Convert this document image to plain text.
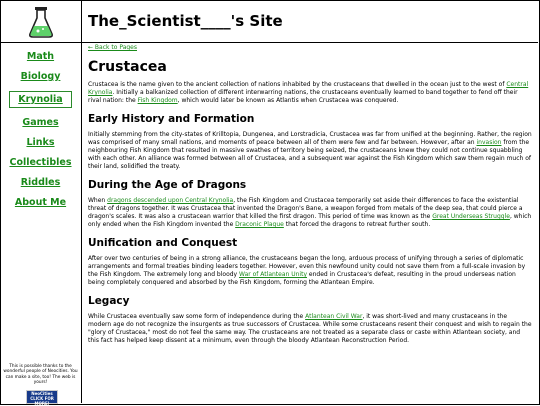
The_Scientist____'s Site
Math
Biology
Krynolia
Games
Links
Collectibles
Riddles
About Me
This is possible thanks to the wonderful people of Neocities. You can make a site, too! The web is yours!
NeoCities
CLICK FOR MORE!
← Back to Pages
Crustacea

Crustacea is the name given to the ancient collection of nations inhabited by the crustaceans that dwelled in the ocean just to the west of Central Krynolia. Initially a balkanized collection of different interwarring nations, the crustaceans eventually learned to band together to fend off their rival nation: the Fish Kingdom, which would later be known as Atlantis when Crustacea was conquered.

Early History and Formation

Initially stemming from the city-states of Krilltopia, Dungenea, and Lorstradicia, Crustacea was far from unified at the beginning. Rather, the region was comprised of many small nations, and moments of peace between all of them were few and far between. However, after an invasion from the neighbouring Fish Kingdom that resulted in massive swathes of territory being seized, the crustaceans knew they could not continue squabbling with each other. An alliance was formed between all of Crustacea, and a subsequent war against the Fish Kingdom which saw them regain much of their land, solidified the treaty.

During the Age of Dragons

When dragons descended upon Central Krynolia, the Fish Kingdom and Crustacea temporarily set aside their differences to face the existential threat of dragons together. It was Crustacea that invented the Dragon's Bane, a weapon forged from metals of the deep sea, that could pierce a dragon's scales. It was also a crustacean warrior that killed the first dragon. This period of time was known as the Great Underseas Struggle, which only ended when the Fish Kingdom invented the Draconic Plague that forced the dragons to retreat further south.

Unification and Conquest

After over two centuries of being in a strong alliance, the crustaceans began the long, arduous process of unifying through a series of diplomatic arrangements and formal treaties binding leaders together. However, even this newfound unity could not save them from a full-scale invasion by the Fish Kingdom. The extremely long and bloody War of Atlantean Unity ended in Crustacea's defeat, resulting in the proud underseas nation being completely conquered and absorbed by the Fish Kingdom, forming the Atlantean Empire.

Legacy

While Crustacea eventually saw some form of independence during the Atlantean Civil War, it was short-lived and many crustaceans in the modern age do not recognize the insurgents as true successors of Crustacea. While some crustaceans resent their conquest and wish to regain the "glory of Crustacea," most do not feel the same way. The crustaceans are not treated as a separate class or caste within Atlantean society, and this fact has helped keep dissent at a minimum, even through the bloody Atlantean Reconstruction Period.
